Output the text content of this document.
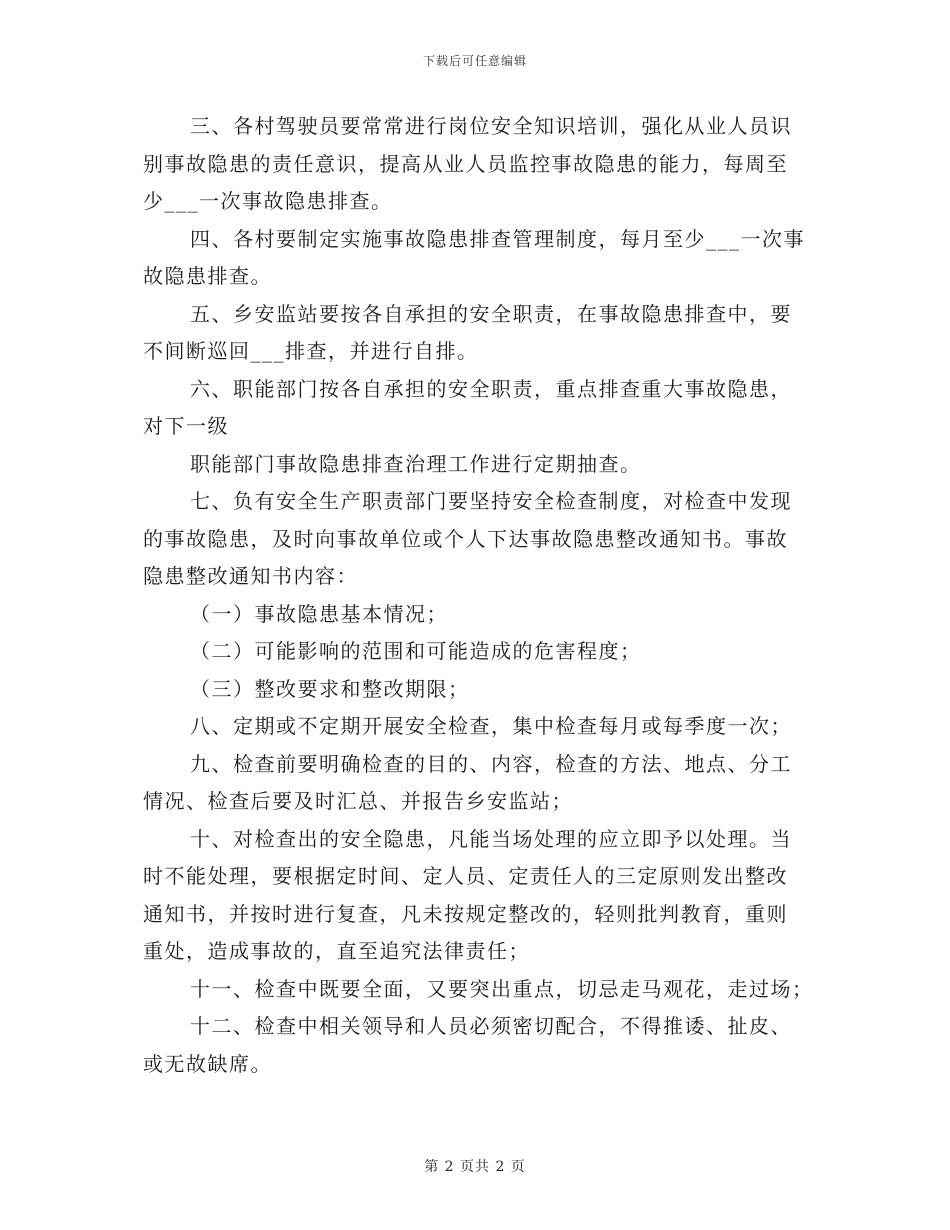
下载后可任意编辑

三、各村驾驶员要常常进行岗位安全知识培训，强化从业人员识
别事故隐患的责任意识，提高从业人员监控事故隐患的能力，每周至
少___一次事故隐患排查。

四、各村要制定实施事故隐患排查管理制度，每月至少___一次事
故隐患排查。

五、乡安监站要按各自承担的安全职责，在事故隐患排查中，要
不间断巡回___排查，并进行自排。

六、职能部门按各自承担的安全职责，重点排查重大事故隐患，
对下一级

职能部门事故隐患排查治理工作进行定期抽查。

七、负有安全生产职责部门要坚持安全检查制度，对检查中发现
的事故隐患，及时向事故单位或个人下达事故隐患整改通知书。事故
隐患整改通知书内容：

（一）事故隐患基本情况；

（二）可能影响的范围和可能造成的危害程度；

（三）整改要求和整改期限；

八、定期或不定期开展安全检查，集中检查每月或每季度一次；

九、检查前要明确检查的目的、内容，检查的方法、地点、分工
情况、检查后要及时汇总、并报告乡安监站；

十、对检查出的安全隐患，凡能当场处理的应立即予以处理。当
时不能处理，要根据定时间、定人员、定责任人的三定原则发出整改
通知书，并按时进行复查，凡未按规定整改的，轻则批判教育，重则
重处，造成事故的，直至追究法律责任；

十一、检查中既要全面，又要突出重点，切忌走马观花，走过场；

十二、检查中相关领导和人员必须密切配合，不得推诿、扯皮、
或无故缺席。

第 2 页共 2 页
